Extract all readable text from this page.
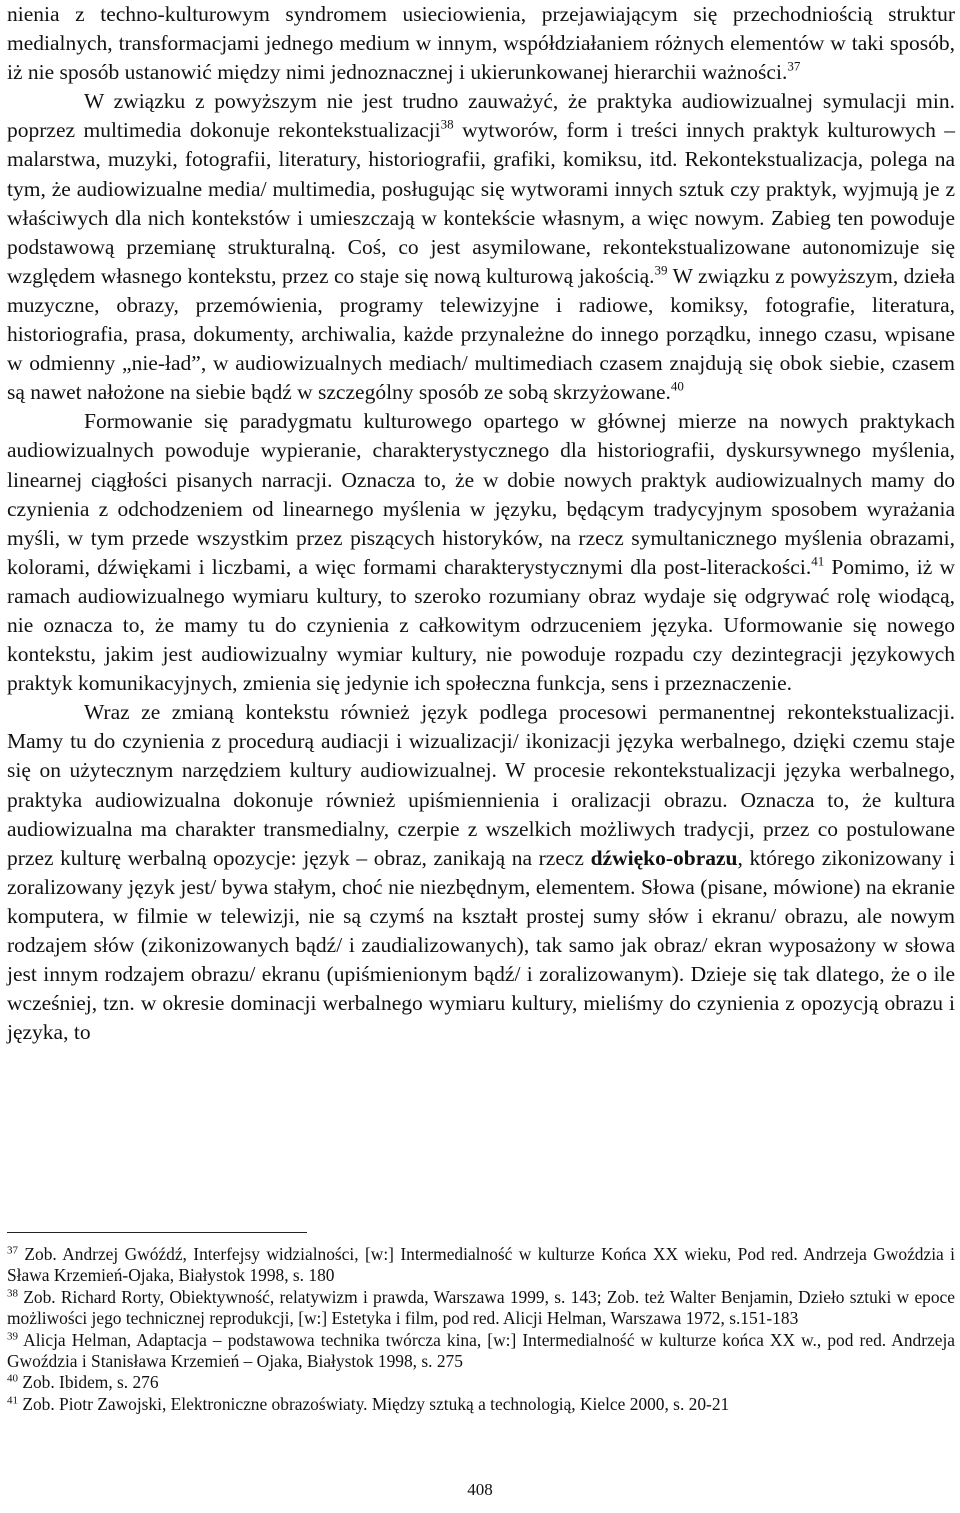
nienia z techno-kulturowym syndromem usieciowienia, przejawiającym się przechodniością struktur medialnych, transformacjami jednego medium w innym, współdziałaniem różnych elementów w taki sposób, iż nie sposób ustanowić między nimi jednoznacznej i ukierunkowanej hierarchii ważności.$^{37}$

W związku z powyższym nie jest trudno zauważyć, że praktyka audiowizualnej symulacji min. poprzez multimedia dokonuje rekontekstualizacji$^{38}$ wytworów, form i treści innych praktyk kulturowych – malarstwa, muzyki, fotografii, literatury, historiografii, grafiki, komiksu, itd. Rekontekstualizacja, polega na tym, że audiowizualne media/ multimedia, posługując się wytworami innych sztuk czy praktyk, wyjmują je z właściwych dla nich kontekstów i umieszczają w kontekście własnym, a więc nowym. Zabieg ten powoduje podstawową przemianę strukturalną. Coś, co jest asymilowane, rekontekstualizowane autonomizuje się względem własnego kontekstu, przez co staje się nową kulturową jakością.$^{39}$ W związku z powyższym, dzieła muzyczne, obrazy, przemówienia, programy telewizyjne i radiowe, komiksy, fotografie, literatura, historiografia, prasa, dokumenty, archiwalia, każde przynależne do innego porządku, innego czasu, wpisane w odmienny „nie-ład”, w audiowizualnych mediach/ multimediach czasem znajdują się obok siebie, czasem są nawet nałożone na siebie bądź w szczególny sposób ze sobą skrzyżowane.$^{40}$

Formowanie się paradygmatu kulturowego opartego w głównej mierze na nowych praktykach audiowizualnych powoduje wypieranie, charakterystycznego dla historiografii, dyskursywnego myślenia, linearnej ciągłości pisanych narracji. Oznacza to, że w dobie nowych praktyk audiowizualnych mamy do czynienia z odchodzeniem od linearnego myślenia w języku, będącym tradycyjnym sposobem wyrażania myśli, w tym przede wszystkim przez piszących historyków, na rzecz symultanicznego myślenia obrazami, kolorami, dźwiękami i liczbami, a więc formami charakterystycznymi dla post-literackości.$^{41}$ Pomimo, iż w ramach audiowizualnego wymiaru kultury, to szeroko rozumiany obraz wydaje się odgrywać rolę wiodącą, nie oznacza to, że mamy tu do czynienia z całkowitym odrzuceniem języka. Uformowanie się nowego kontekstu, jakim jest audiowizualny wymiar kultury, nie powoduje rozpadu czy dezintegracji językowych praktyk komunikacyjnych, zmienia się jedynie ich społeczna funkcja, sens i przeznaczenie.

Wraz ze zmianą kontekstu również język podlega procesowi permanentnej rekontekstualizacji. Mamy tu do czynienia z procedurą audiacji i wizualizacji/ ikonizacji języka werbalnego, dzięki czemu staje się on użytecznym narzędziem kultury audiowizualnej. W procesie rekontekstualizacji języka werbalnego, praktyka audiowizualna dokonuje również upiśmiennienia i oralizacji obrazu. Oznacza to, że kultura audiowizualna ma charakter transmedialny, czerpie z wszelkich możliwych tradycji, przez co postulowane przez kulturę werbalną opozycje: język – obraz, zanikają na rzecz dźwięko-obrazu, którego zikonizowany i zoralizowany język jest/ bywa stałym, choć nie niezbędnym, elementem. Słowa (pisane, mówione) na ekranie komputera, w filmie w telewizji, nie są czymś na kształt prostej sumy słów i ekranu/ obrazu, ale nowym rodzajem słów (zikonizowanych bądź/ i zaudializowanych), tak samo jak obraz/ ekran wyposażony w słowa jest innym rodzajem obrazu/ ekranu (upiśmienionym bądź/ i zoralizowanym). Dzieje się tak dlatego, że o ile wcześniej, tzn. w okresie dominacji werbalnego wymiaru kultury, mieliśmy do czynienia z opozycją obrazu i języka, to

$^{37}$ Zob. Andrzej Gwóźdź, Interfejsy widzialności, [w:] Intermedialność w kulturze Końca XX wieku, Pod red. Andrzeja Gwoździa i Sława Krzemień-Ojaka, Białystok 1998, s. 180

$^{38}$ Zob. Richard Rorty, Obiektywność, relatywizm i prawda, Warszawa 1999, s. 143; Zob. też Walter Benjamin, Dzieło sztuki w epoce możliwości jego technicznej reprodukcji, [w:] Estetyka i film, pod red. Alicji Helman, Warszawa 1972, s.151-183

$^{39}$ Alicja Helman, Adaptacja – podstawowa technika twórcza kina, [w:] Intermedialność w kulturze końca XX w., pod red. Andrzeja Gwoździa i Stanisława Krzemień – Ojaka, Białystok 1998, s. 275

$^{40}$ Zob. Ibidem, s. 276

$^{41}$ Zob. Piotr Zawojski, Elektroniczne obrazoświaty. Między sztuką a technologią, Kielce 2000, s. 20-21

408
